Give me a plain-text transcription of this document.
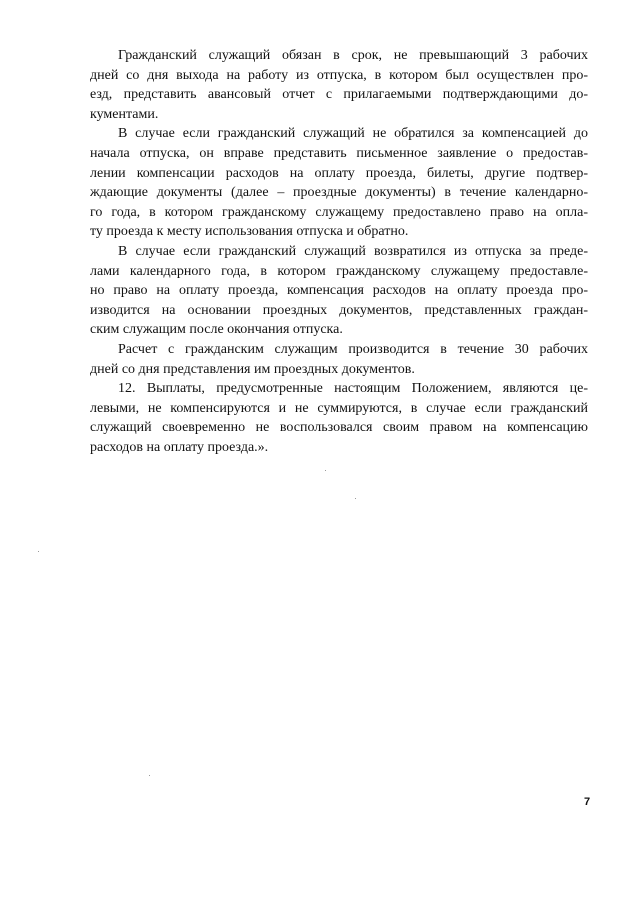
Гражданский служащий обязан в срок, не превышающий 3 рабочих
дней со дня выхода на работу из отпуска, в котором был осуществлен про-
езд, представить авансовый отчет с прилагаемыми подтверждающими до-
кументами.
В случае если гражданский служащий не обратился за компенсацией до
начала отпуска, он вправе представить письменное заявление о предостав-
лении компенсации расходов на оплату проезда, билеты, другие подтвер-
ждающие документы (далее – проездные документы) в течение календарно-
го года, в котором гражданскому служащему предоставлено право на опла-
ту проезда к месту использования отпуска и обратно.
В случае если гражданский служащий возвратился из отпуска за преде-
лами календарного года, в котором гражданскому служащему предоставле-
но право на оплату проезда, компенсация расходов на оплату проезда про-
изводится на основании проездных документов, представленных граждан-
ским служащим после окончания отпуска.
Расчет с гражданским служащим производится в течение 30 рабочих
дней со дня представления им проездных документов.
12. Выплаты, предусмотренные настоящим Положением, являются це-
левыми, не компенсируются и не суммируются, в случае если гражданский
служащий своевременно не воспользовался своим правом на компенсацию
расходов на оплату проезда.».
7
